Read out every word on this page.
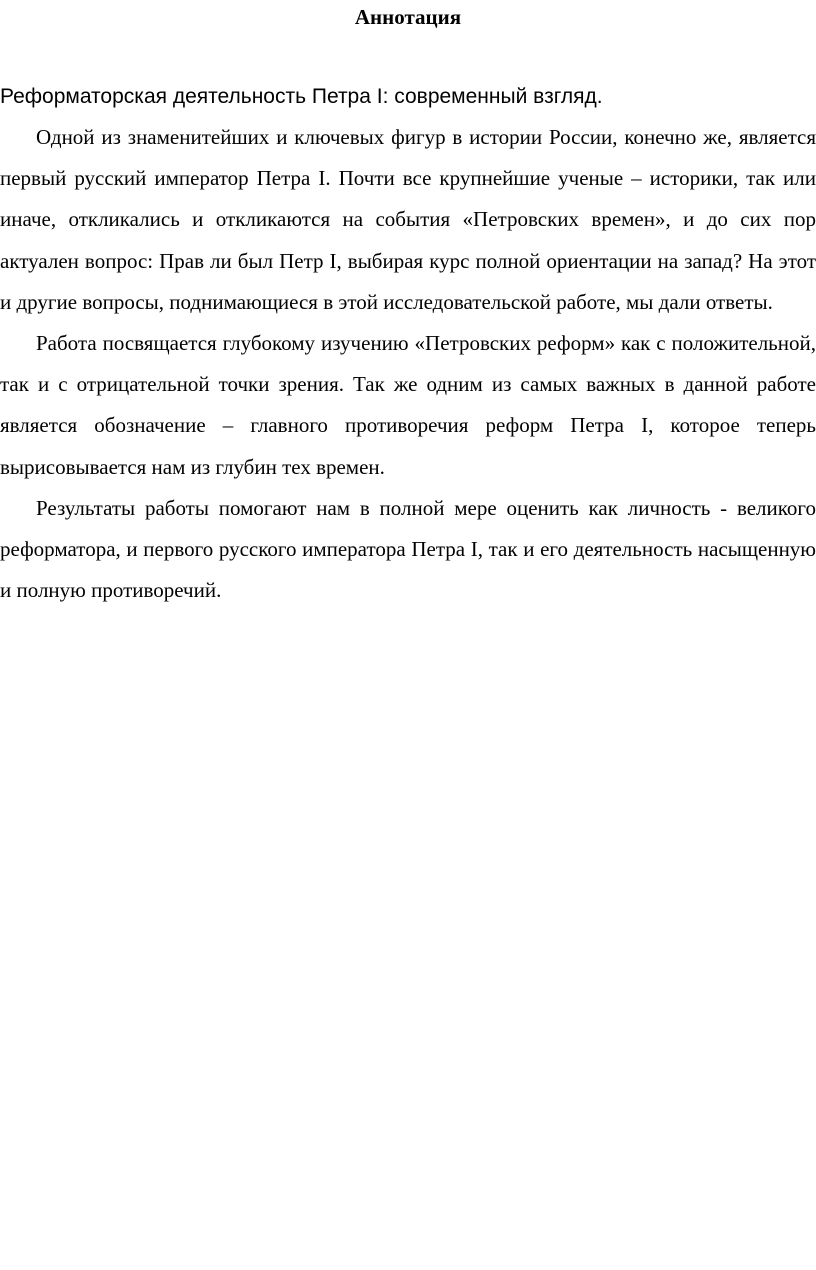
Аннотация
Реформаторская деятельность Петра I: современный взгляд.

Одной из знаменитейших и ключевых фигур в истории России, конечно же, является первый русский император Петра I. Почти все крупнейшие ученые – историки, так или иначе, откликались и откликаются на события «Петровских времен», и до сих пор актуален вопрос: Прав ли был Петр I, выбирая курс полной ориентации на запад? На этот и другие вопросы, поднимающиеся в этой исследовательской работе, мы дали ответы.

Работа посвящается глубокому изучению «Петровских реформ» как с положительной, так и с отрицательной точки зрения. Так же одним из самых важных в данной работе является обозначение – главного противоречия реформ Петра I, которое теперь вырисовывается нам из глубин тех времен.

Результаты работы помогают нам в полной мере оценить как личность - великого реформатора, и первого русского императора Петра I, так и его деятельность насыщенную и полную противоречий.
